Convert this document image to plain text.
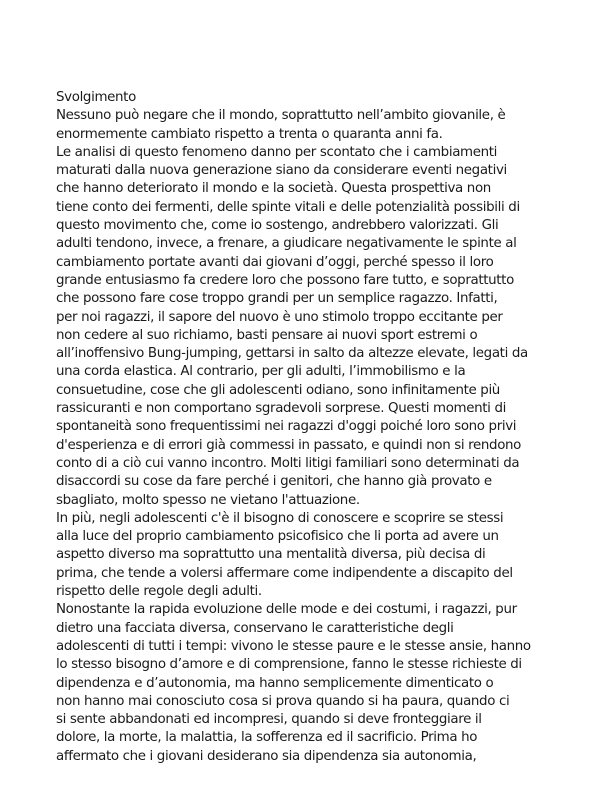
Svolgimento
Nessuno può negare che il mondo, soprattutto nell’ambito giovanile, è
enormemente cambiato rispetto a trenta o quaranta anni fa.
Le analisi di questo fenomeno danno per scontato che i cambiamenti
maturati dalla nuova generazione siano da considerare eventi negativi
che hanno deteriorato il mondo e la società. Questa prospettiva non
tiene conto dei fermenti, delle spinte vitali e delle potenzialità possibili di
questo movimento che, come io sostengo, andrebbero valorizzati. Gli
adulti tendono, invece, a frenare, a giudicare negativamente le spinte al
cambiamento portate avanti dai giovani d’oggi, perché spesso il loro
grande entusiasmo fa credere loro che possono fare tutto, e soprattutto
che possono fare cose troppo grandi per un semplice ragazzo. Infatti,
per noi ragazzi, il sapore del nuovo è uno stimolo troppo eccitante per
non cedere al suo richiamo, basti pensare ai nuovi sport estremi o
all’inoffensivo Bung-jumping, gettarsi in salto da altezze elevate, legati da
una corda elastica. Al contrario, per gli adulti, l’immobilismo e la
consuetudine, cose che gli adolescenti odiano, sono infinitamente più
rassicuranti e non comportano sgradevoli sorprese. Questi momenti di
spontaneità sono frequentissimi nei ragazzi d'oggi poiché loro sono privi
d'esperienza e di errori già commessi in passato, e quindi non si rendono
conto di a ciò cui vanno incontro. Molti litigi familiari sono determinati da
disaccordi su cose da fare perché i genitori, che hanno già provato e
sbagliato, molto spesso ne vietano l'attuazione.
In più, negli adolescenti c'è il bisogno di conoscere e scoprire se stessi
alla luce del proprio cambiamento psicofisico che li porta ad avere un
aspetto diverso ma soprattutto una mentalità diversa, più decisa di
prima, che tende a volersi affermare come indipendente a discapito del
rispetto delle regole degli adulti.
Nonostante la rapida evoluzione delle mode e dei costumi, i ragazzi, pur
dietro una facciata diversa, conservano le caratteristiche degli
adolescenti di tutti i tempi: vivono le stesse paure e le stesse ansie, hanno
lo stesso bisogno d’amore e di comprensione, fanno le stesse richieste di
dipendenza e d’autonomia, ma hanno semplicemente dimenticato o
non hanno mai conosciuto cosa si prova quando si ha paura, quando ci
si sente abbandonati ed incompresi, quando si deve fronteggiare il
dolore, la morte, la malattia, la sofferenza ed il sacrificio. Prima ho
affermato che i giovani desiderano sia dipendenza sia autonomia,
